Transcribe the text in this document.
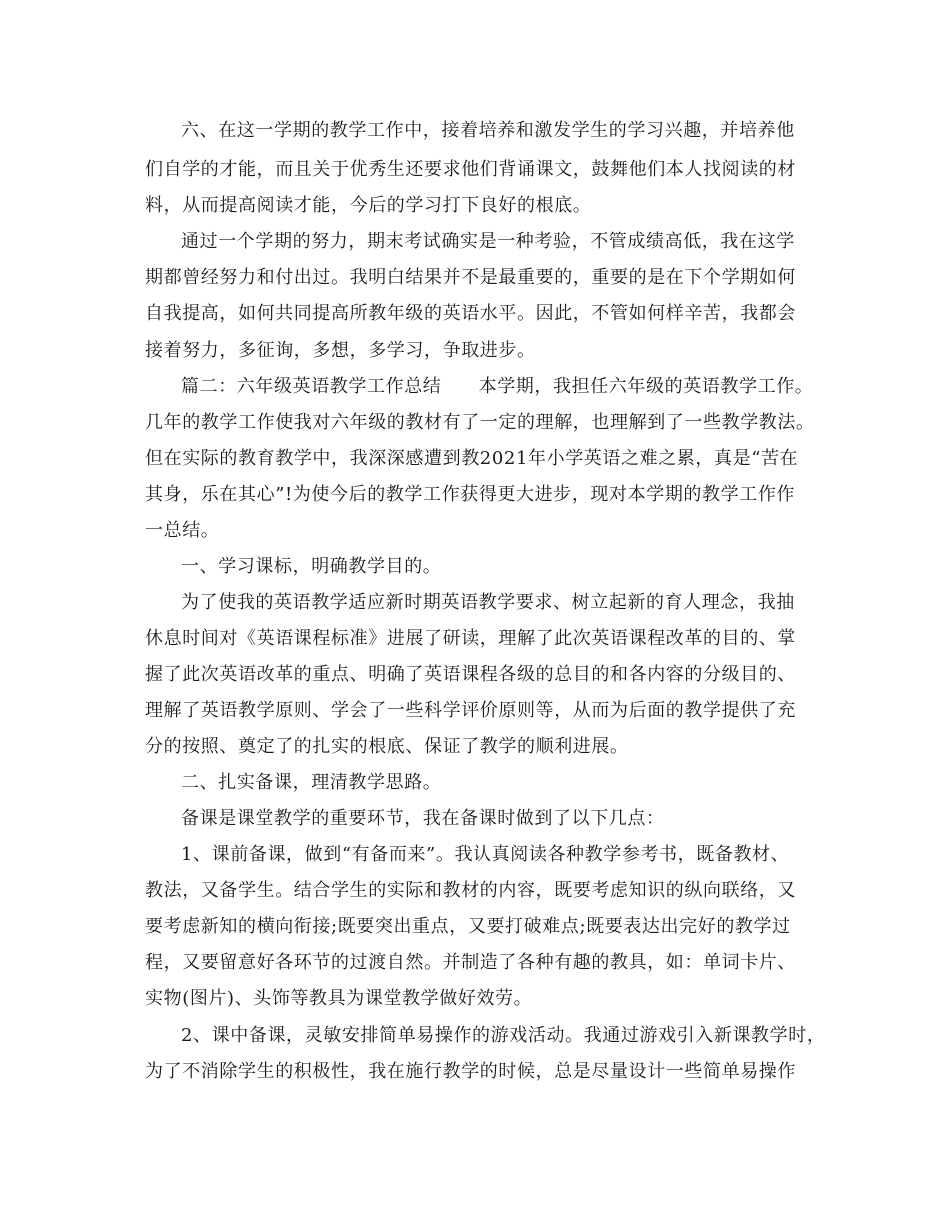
六、在这一学期的教学工作中，接着培养和激发学生的学习兴趣，并培养他
们自学的才能，而且关于优秀生还要求他们背诵课文，鼓舞他们本人找阅读的材
料，从而提高阅读才能，今后的学习打下良好的根底。
通过一个学期的努力，期末考试确实是一种考验，不管成绩高低，我在这学
期都曾经努力和付出过。我明白结果并不是最重要的，重要的是在下个学期如何
自我提高，如何共同提高所教年级的英语水平。因此，不管如何样辛苦，我都会
接着努力，多征询，多想，多学习，争取进步。
篇二：六年级英语教学工作总结　　本学期，我担任六年级的英语教学工作。
几年的教学工作使我对六年级的教材有了一定的理解，也理解到了一些教学教法。
但在实际的教育教学中，我深深感遭到教2021年小学英语之难之累，真是“苦在
其身，乐在其心”!为使今后的教学工作获得更大进步，现对本学期的教学工作作
一总结。
一、学习课标，明确教学目的。
为了使我的英语教学适应新时期英语教学要求、树立起新的育人理念，我抽
休息时间对《英语课程标准》进展了研读，理解了此次英语课程改革的目的、掌
握了此次英语改革的重点、明确了英语课程各级的总目的和各内容的分级目的、
理解了英语教学原则、学会了一些科学评价原则等，从而为后面的教学提供了充
分的按照、奠定了的扎实的根底、保证了教学的顺利进展。
二、扎实备课，理清教学思路。
备课是课堂教学的重要环节，我在备课时做到了以下几点：
1、课前备课，做到“有备而来”。我认真阅读各种教学参考书，既备教材、
教法，又备学生。结合学生的实际和教材的内容，既要考虑知识的纵向联络，又
要考虑新知的横向衔接;既要突出重点，又要打破难点;既要表达出完好的教学过
程，又要留意好各环节的过渡自然。并制造了各种有趣的教具，如：单词卡片、
实物(图片)、头饰等教具为课堂教学做好效劳。
2、课中备课，灵敏安排简单易操作的游戏活动。我通过游戏引入新课教学时，
为了不消除学生的积极性，我在施行教学的时候，总是尽量设计一些简单易操作
